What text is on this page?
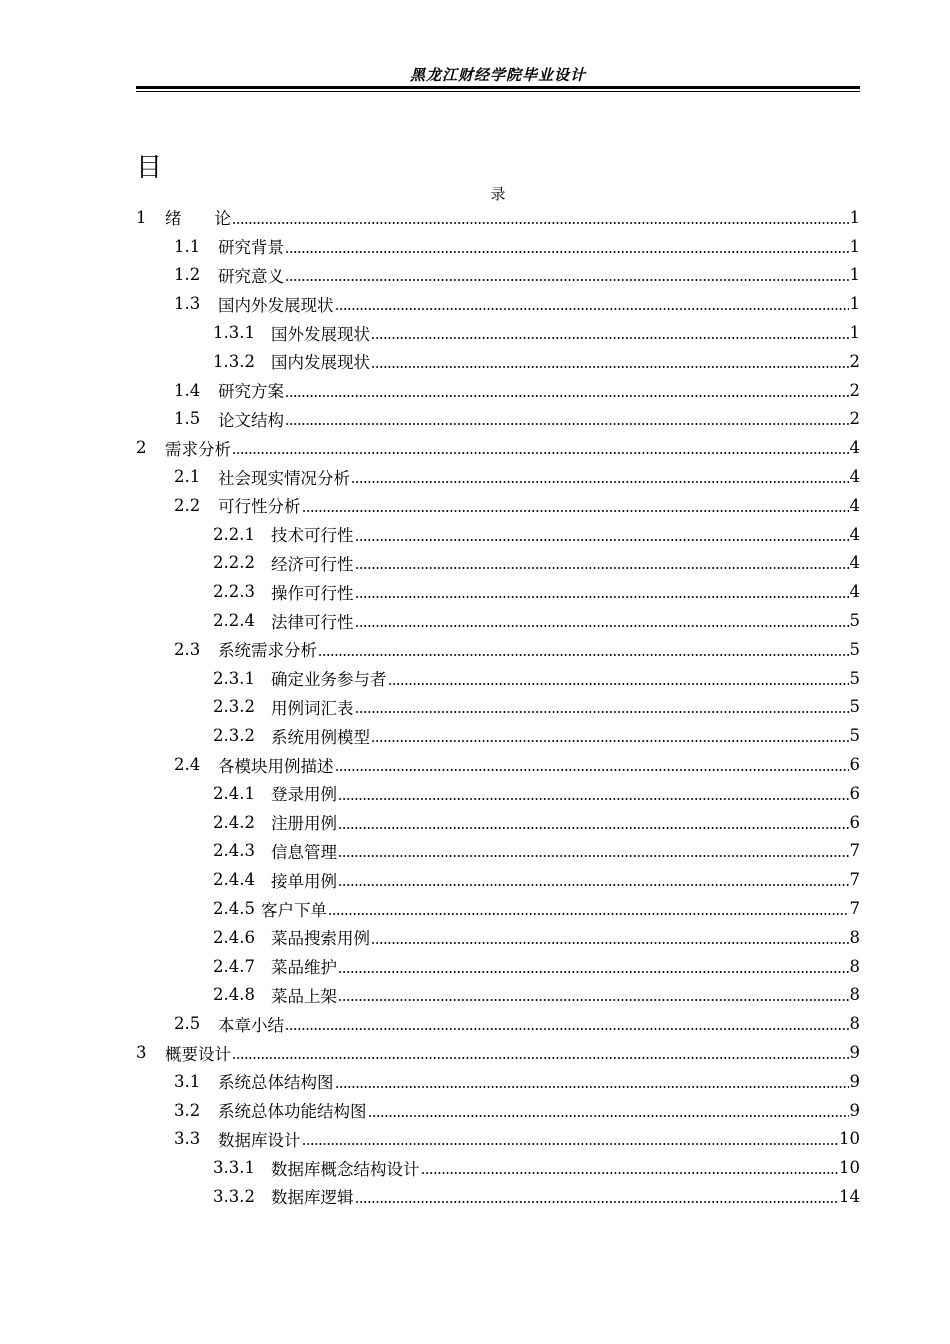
黑龙江财经学院毕业设计
目
录
1	绪　　论	1
1.1	研究背景	1
1.2	研究意义	1
1.3	国内外发展现状	1
1.3.1 国外发展现状	1
1.3.2 国内发展现状	2
1.4	研究方案	2
1.5	论文结构	2
2	需求分析	4
2.1	社会现实情况分析	4
2.2	可行性分析	4
2.2.1 技术可行性	4
2.2.2 经济可行性	4
2.2.3 操作可行性	4
2.2.4 法律可行性	5
2.3	系统需求分析	5
2.3.1 确定业务参与者	5
2.3.2 用例词汇表	5
2.3.2 系统用例模型	5
2.4	各模块用例描述	6
2.4.1 登录用例	6
2.4.2 注册用例	6
2.4.3 信息管理	7
2.4.4 接单用例	7
2.4.5 客户下单	7
2.4.6 菜品搜索用例	8
2.4.7 菜品维护	8
2.4.8 菜品上架	8
2.5	本章小结	8
3	概要设计	9
3.1	系统总体结构图	9
3.2	系统总体功能结构图	9
3.3	数据库设计	10
3.3.1 数据库概念结构设计	10
3.3.2 数据库逻辑	14
